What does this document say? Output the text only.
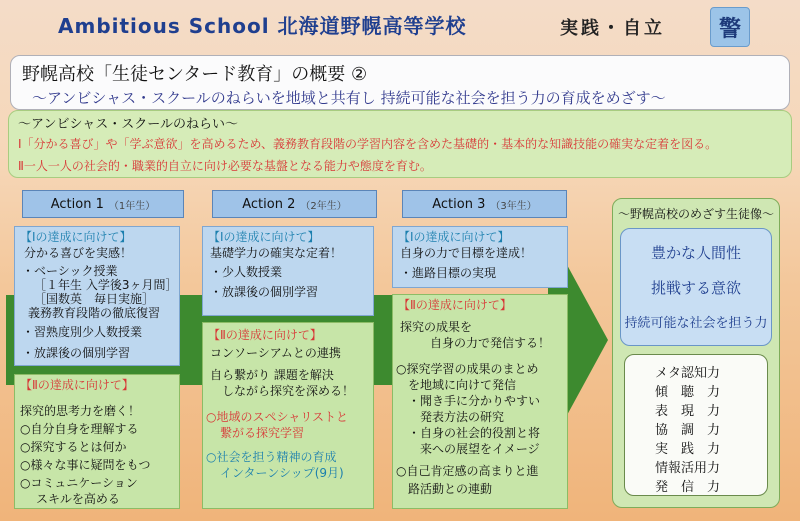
Ambitious School 北海道野幌高等学校	実践・自立 警
野幌高校「生徒センタード教育」の概要 ②
～アンビシャス・スクールのねらいを地域と共有し 持続可能な社会を担う力の育成をめざす～
～アンビシャス・スクールのねらい～
Ⅰ「分かる喜び」や「学ぶ意欲」を高めるため、義務教育段階の学習内容を含めた基礎的・基本的な知識技能の確実な定着を図る。
Ⅱ一人一人の社会的・職業的自立に向け必要な基盤となる能力や態度を育む。
Action 1 （1年生）	Action 2 （2年生）	Action 3 （3年生）
【Ⅰの達成に向けて】
分かる喜びを実感！
・ベーシック授業
［１年生 入学後3ヶ月間］
［国数英　毎日実施］
義務教育段階の徹底復習
・習熟度別少人数授業
・放課後の個別学習
【Ⅱの達成に向けて】
探究的思考力を磨く！
○自分自身を理解する
○探究するとは何か
○様々な事に疑問をもつ
○コミュニケーション
スキルを高める
【Ⅰの達成に向けて】
基礎学力の確実な定着！
・少人数授業
・放課後の個別学習
【Ⅱの達成に向けて】
コンソーシアムとの連携
自ら繋がり 課題を解決
しながら探究を深める！
○地域のスペシャリストと
繋がる探究学習
○社会を担う精神の育成
インターンシップ(9月)
【Ⅰの達成に向けて】
自身の力で目標を達成！
・進路目標の実現
【Ⅱの達成に向けて】
探究の成果を
自身の力で発信する！
○探究学習の成果のまとめ
を地域に向けて発信
・聞き手に分かりやすい
発表方法の研究
・自身の社会的役割と将
来への展望をイメージ
○自己肯定感の高まりと進
路活動との連動
～野幌高校のめざす生徒像～
豊かな人間性
挑戦する意欲
持続可能な社会を担う力
メタ認知力
傾　聴　力
表　現　力
協　調　力
実　践　力
情報活用力
発　信　力
